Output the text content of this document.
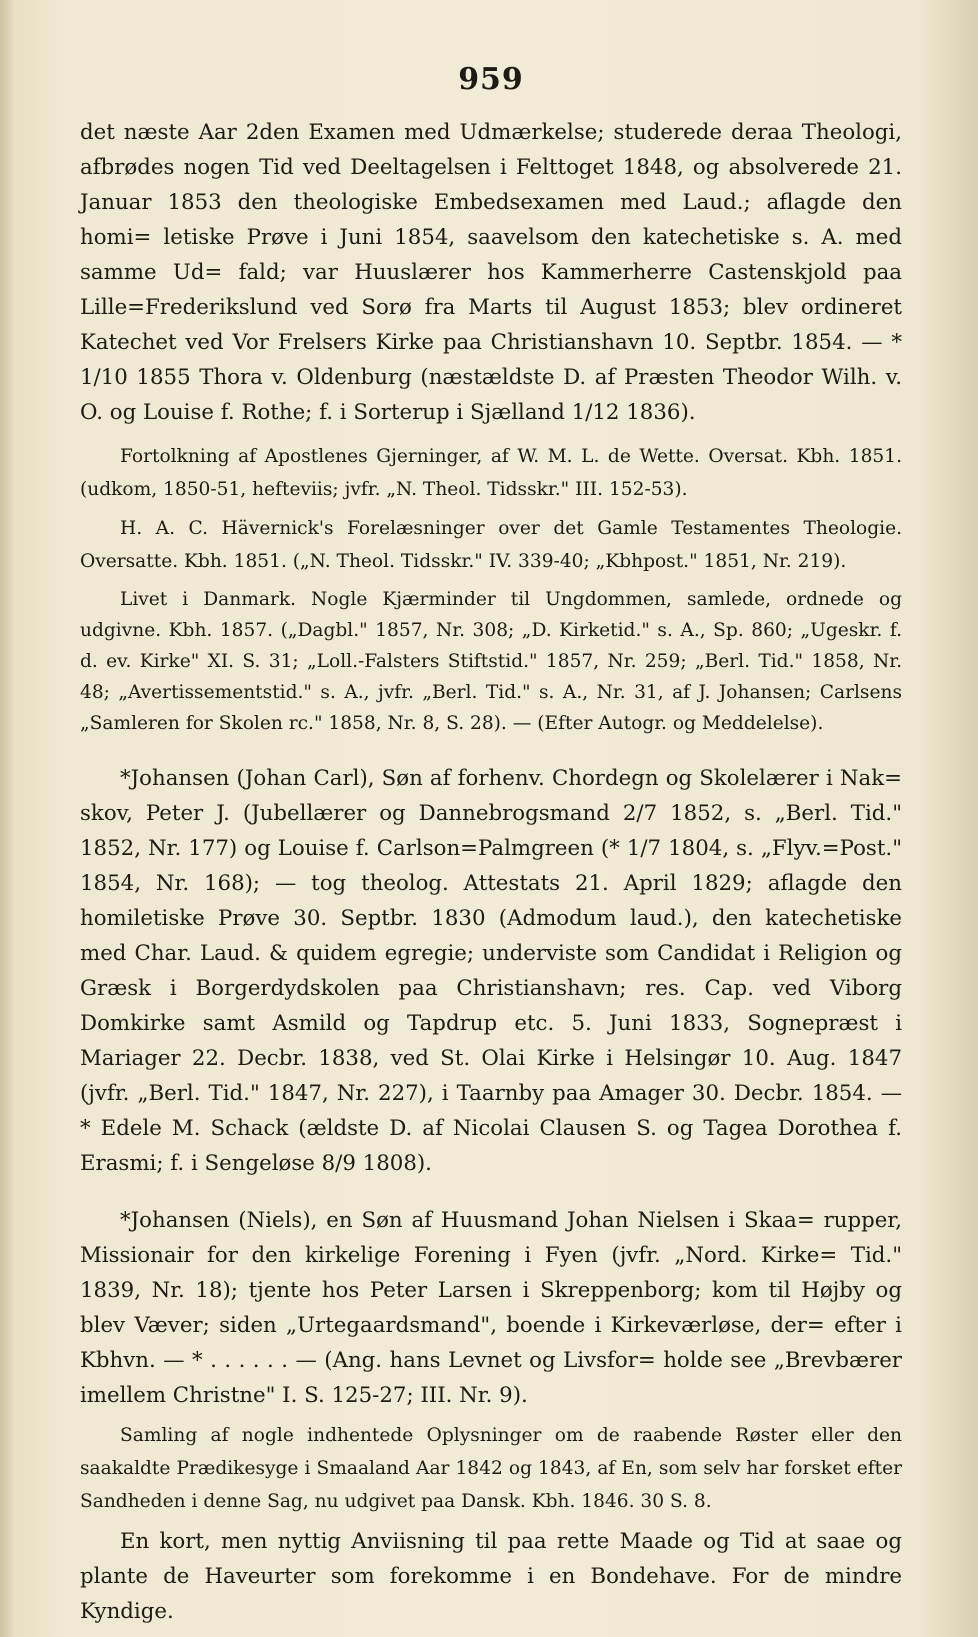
959

det næste Aar 2den Examen med Udmærkelse; studerede deraa Theologi, afbrødes nogen Tid ved Deeltagelsen i Felttoget 1848, og absolverede 21. Januar 1853 den theologiske Embedsexamen med Laud.; aflagde den homi= letiske Prøve i Juni 1854, saavelsom den katechetiske s. A. med samme Ud= fald; var Huuslærer hos Kammerherre Castenskjold paa Lille=Frederikslund ved Sorø fra Marts til August 1853; blev ordineret Katechet ved Vor Frelsers Kirke paa Christianshavn 10. Septbr. 1854. — * 1/10 1855 Thora v. Oldenburg (næstældste D. af Præsten Theodor Wilh. v. O. og Louise f. Rothe; f. i Sorterup i Sjælland 1/12 1836).

Fortolkning af Apostlenes Gjerninger, af W. M. L. de Wette. Oversat. Kbh. 1851. (udkom, 1850-51, hefteviis; jvfr. „N. Theol. Tidsskr." III. 152-53).

H. A. C. Hävernick's Forelæsninger over det Gamle Testamentes Theologie. Oversatte. Kbh. 1851. („N. Theol. Tidsskr." IV. 339-40; „Kbhpost." 1851, Nr. 219).

Livet i Danmark. Nogle Kjærminder til Ungdommen, samlede, ordnede og udgivne. Kbh. 1857. („Dagbl." 1857, Nr. 308; „D. Kirketid." s. A., Sp. 860; „Ugeskr. f. d. ev. Kirke" XI. S. 31; „Loll.-Falsters Stiftstid." 1857, Nr. 259; „Berl. Tid." 1858, Nr. 48; „Avertissementstid." s. A., jvfr. „Berl. Tid." s. A., Nr. 31, af J. Johansen; Carlsens „Samleren for Skolen rc." 1858, Nr. 8, S. 28). — (Efter Autogr. og Meddelelse).

*Johansen (Johan Carl), Søn af forhenv. Chordegn og Skolelærer i Nak= skov, Peter J. (Jubellærer og Dannebrogsmand 2/7 1852, s. „Berl. Tid." 1852, Nr. 177) og Louise f. Carlson=Palmgreen (* 1/7 1804, s. „Flyv.=Post." 1854, Nr. 168); — tog theolog. Attestats 21. April 1829; aflagde den homiletiske Prøve 30. Septbr. 1830 (Admodum laud.), den katechetiske med Char. Laud. & quidem egregie; underviste som Candidat i Religion og Græsk i Borgerdydskolen paa Christianshavn; res. Cap. ved Viborg Domkirke samt Asmild og Tapdrup etc. 5. Juni 1833, Sognepræst i Mariager 22. Decbr. 1838, ved St. Olai Kirke i Helsingør 10. Aug. 1847 (jvfr. „Berl. Tid." 1847, Nr. 227), i Taarnby paa Amager 30. Decbr. 1854. — * Edele M. Schack (ældste D. af Nicolai Clausen S. og Tagea Dorothea f. Erasmi; f. i Sengeløse 8/9 1808).

*Johansen (Niels), en Søn af Huusmand Johan Nielsen i Skaa= rupper, Missionair for den kirkelige Forening i Fyen (jvfr. „Nord. Kirke= Tid." 1839, Nr. 18); tjente hos Peter Larsen i Skreppenborg; kom til Højby og blev Væver; siden „Urtegaardsmand", boende i Kirkeværløse, der= efter i Kbhvn. — * . . . . . . — (Ang. hans Levnet og Livsfor= holde see „Brevbærer imellem Christne" I. S. 125-27; III. Nr. 9).

Samling af nogle indhentede Oplysninger om de raabende Røster eller den saakaldte Prædikesyge i Smaaland Aar 1842 og 1843, af En, som selv har forsket efter Sandheden i denne Sag, nu udgivet paa Dansk. Kbh. 1846. 30 S. 8.

En kort, men nyttig Anviisning til paa rette Maade og Tid at saae og plante de Haveurter som forekomme i en Bondehave. For de mindre Kyndige.
